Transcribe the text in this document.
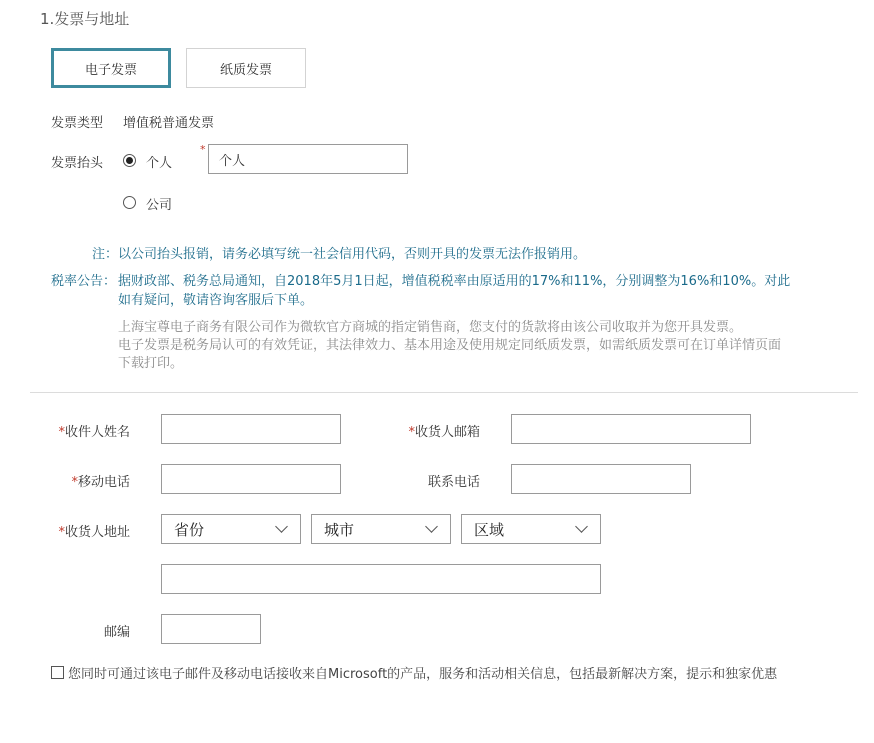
1.发票与地址
电子发票	纸质发票
发票类型 增值税普通发票
发票抬头	个人
*
个人
公司
注： 以公司抬头报销，请务必填写统一社会信用代码，否则开具的发票无法作报销用。
税率公告： 据财政部、税务总局通知，自2018年5月1日起，增值税税率由原适用的17%和11%，分别调整为16%和10%。对此
如有疑问，敬请咨询客服后下单。
上海宝尊电子商务有限公司作为微软官方商城的指定销售商，您支付的货款将由该公司收取并为您开具发票。
电子发票是税务局认可的有效凭证，其法律效力、基本用途及使用规定同纸质发票，如需纸质发票可在订单详情页面
下载打印。
*收件人姓名	*收货人邮箱
*移动电话	联系电话
*收货人地址	省份	城市	区域
邮编
您同时可通过该电子邮件及移动电话接收来自Microsoft的产品，服务和活动相关信息，包括最新解决方案，提示和独家优惠
